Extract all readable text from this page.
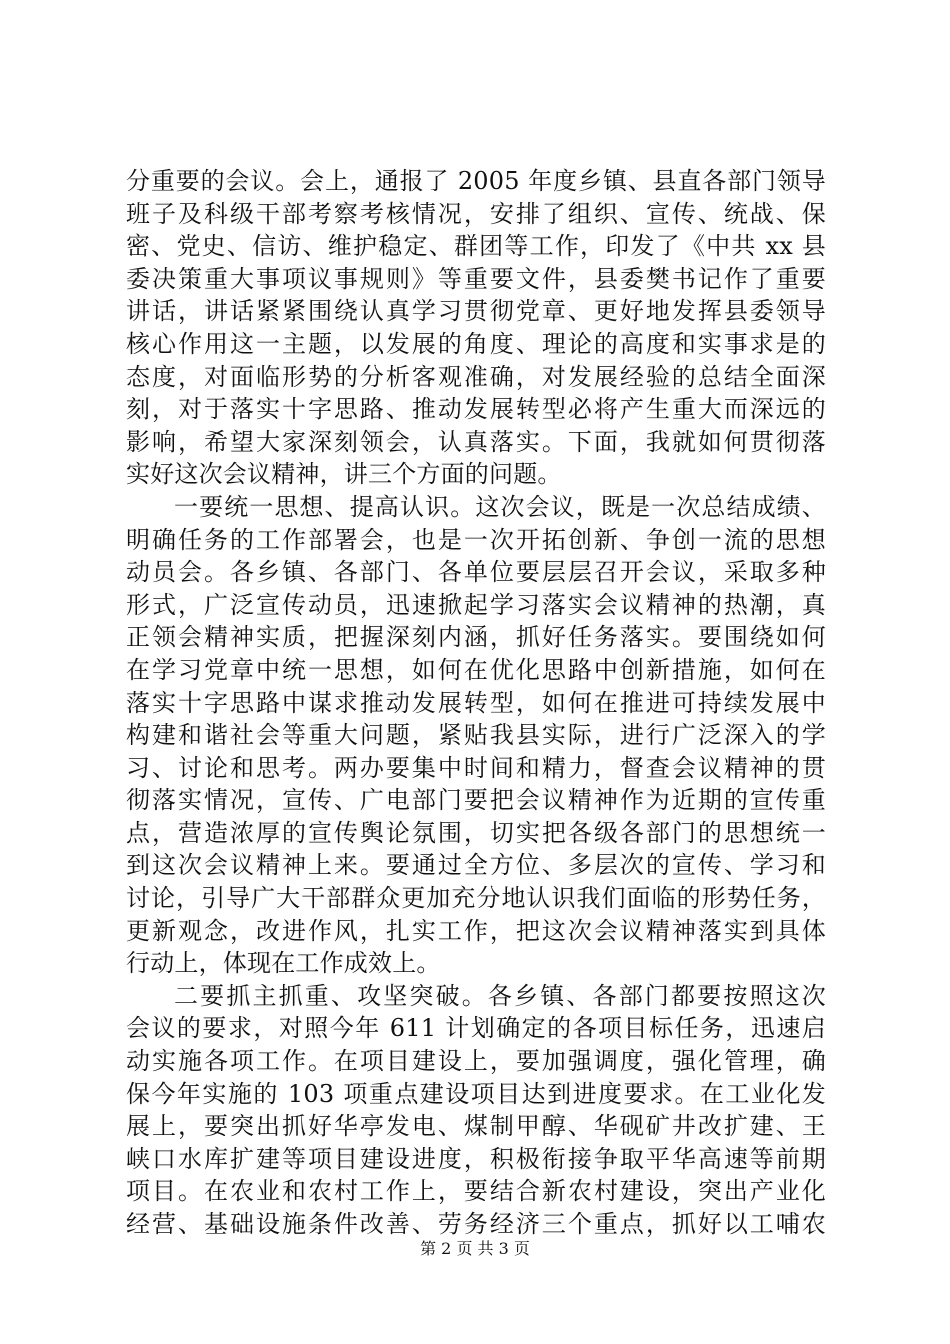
分重要的会议。会上，通报了 2005 年度乡镇、县直各部门领导
班子及科级干部考察考核情况，安排了组织、宣传、统战、保
密、党史、信访、维护稳定、群团等工作，印发了《中共 xx 县
委决策重大事项议事规则》等重要文件，县委樊书记作了重要
讲话，讲话紧紧围绕认真学习贯彻党章、更好地发挥县委领导
核心作用这一主题，以发展的角度、理论的高度和实事求是的
态度，对面临形势的分析客观准确，对发展经验的总结全面深
刻，对于落实十字思路、推动发展转型必将产生重大而深远的
影响，希望大家深刻领会，认真落实。下面，我就如何贯彻落
实好这次会议精神，讲三个方面的问题。
一要统一思想、提高认识。这次会议，既是一次总结成绩、
明确任务的工作部署会，也是一次开拓创新、争创一流的思想
动员会。各乡镇、各部门、各单位要层层召开会议，采取多种
形式，广泛宣传动员，迅速掀起学习落实会议精神的热潮，真
正领会精神实质，把握深刻内涵，抓好任务落实。要围绕如何
在学习党章中统一思想，如何在优化思路中创新措施，如何在
落实十字思路中谋求推动发展转型，如何在推进可持续发展中
构建和谐社会等重大问题，紧贴我县实际，进行广泛深入的学
习、讨论和思考。两办要集中时间和精力，督查会议精神的贯
彻落实情况，宣传、广电部门要把会议精神作为近期的宣传重
点，营造浓厚的宣传舆论氛围，切实把各级各部门的思想统一
到这次会议精神上来。要通过全方位、多层次的宣传、学习和
讨论，引导广大干部群众更加充分地认识我们面临的形势任务，
更新观念，改进作风，扎实工作，把这次会议精神落实到具体
行动上，体现在工作成效上。
二要抓主抓重、攻坚突破。各乡镇、各部门都要按照这次
会议的要求，对照今年 611 计划确定的各项目标任务，迅速启
动实施各项工作。在项目建设上，要加强调度，强化管理，确
保今年实施的 103 项重点建设项目达到进度要求。在工业化发
展上，要突出抓好华亭发电、煤制甲醇、华砚矿井改扩建、王
峡口水库扩建等项目建设进度，积极衔接争取平华高速等前期
项目。在农业和农村工作上，要结合新农村建设，突出产业化
经营、基础设施条件改善、劳务经济三个重点，抓好以工哺农
第 2 页 共 3 页
